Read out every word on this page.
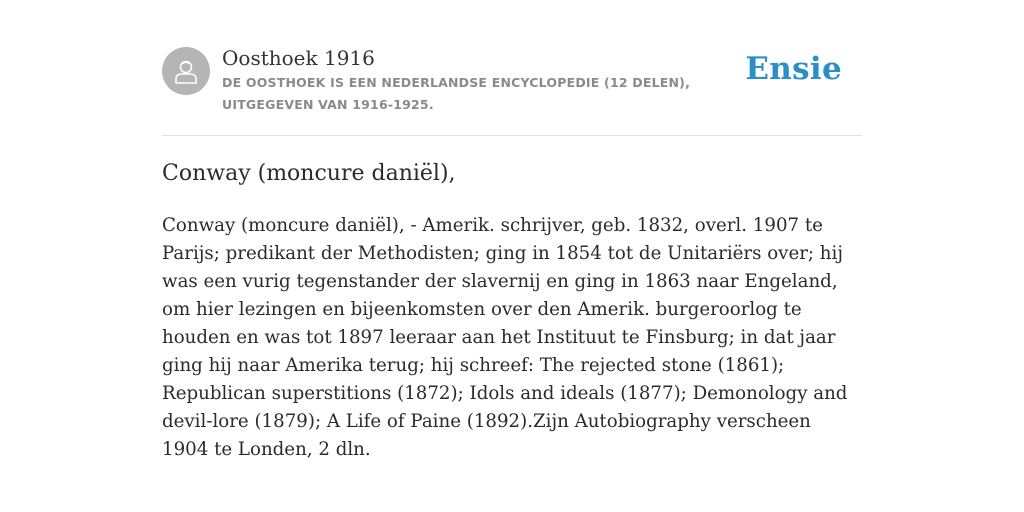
Oosthoek 1916
DE OOSTHOEK IS EEN NEDERLANDSE ENCYCLOPEDIE (12 DELEN), UITGEGEVEN VAN 1916-1925.
Ensie
Conway (moncure daniël),

Conway (moncure daniël), - Amerik. schrijver, geb. 1832, overl. 1907 te Parijs; predikant der Methodisten; ging in 1854 tot de Unitariërs over; hij was een vurig tegenstander der slavernij en ging in 1863 naar Engeland, om hier lezingen en bijeenkomsten over den Amerik. burgeroorlog te houden en was tot 1897 leeraar aan het Instituut te Finsburg; in dat jaar ging hij naar Amerika terug; hij schreef: The rejected stone (1861); Republican superstitions (1872); Idols and ideals (1877); Demonology and devil-lore (1879); A Life of Paine (1892).Zijn Autobiography verscheen 1904 te Londen, 2 dln.
